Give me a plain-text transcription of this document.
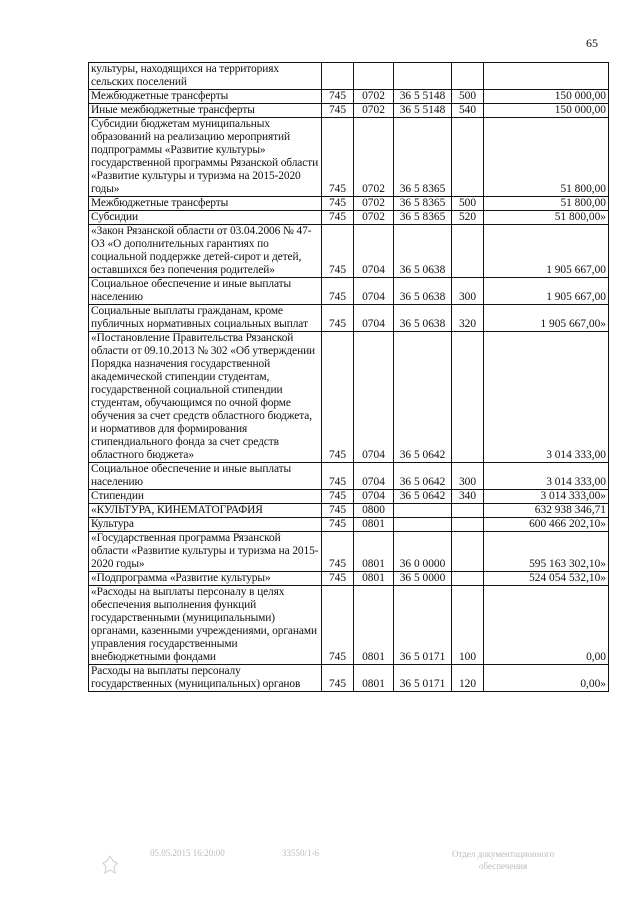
65
культуры, находящихся на территориях сельских поселений					
Межбюджетные трансферты	745	0702	36 5 5148	500	150 000,00
Иные межбюджетные трансферты	745	0702	36 5 5148	540	150 000,00
Субсидии бюджетам муниципальных образований на реализацию мероприятий подпрограммы «Развитие культуры» государственной программы Рязанской области «Развитие культуры и туризма на 2015-2020 годы»	745	0702	36 5 8365		51 800,00
Межбюджетные трансферты	745	0702	36 5 8365	500	51 800,00
Субсидии	745	0702	36 5 8365	520	51 800,00»
«Закон Рязанской области от 03.04.2006 № 47-ОЗ «О дополнительных гарантиях по социальной поддержке детей-сирот и детей, оставшихся без попечения родителей»	745	0704	36 5 0638		1 905 667,00
Социальное обеспечение и иные выплаты населению	745	0704	36 5 0638	300	1 905 667,00
Социальные выплаты гражданам, кроме публичных нормативных социальных выплат	745	0704	36 5 0638	320	1 905 667,00»
«Постановление Правительства Рязанской области от 09.10.2013 № 302 «Об утверждении Порядка назначения государственной академической стипендии студентам, государственной социальной стипендии студентам, обучающимся по очной форме обучения за счет средств областного бюджета, и нормативов для формирования стипендиального фонда за счет средств областного бюджета»	745	0704	36 5 0642		3 014 333,00
Социальное обеспечение и иные выплаты населению	745	0704	36 5 0642	300	3 014 333,00
Стипендии	745	0704	36 5 0642	340	3 014 333,00»
«КУЛЬТУРА, КИНЕМАТОГРАФИЯ	745	0800			632 938 346,71
Культура	745	0801			600 466 202,10»
«Государственная программа Рязанской области «Развитие культуры и туризма на 2015-2020 годы»	745	0801	36 0 0000		595 163 302,10»
«Подпрограмма «Развитие культуры»	745	0801	36 5 0000		524 054 532,10»
«Расходы на выплаты персоналу в целях обеспечения выполнения функций государственными (муниципальными) органами, казенными учреждениями, органами управления государственными внебюджетными фондами	745	0801	36 5 0171	100	0,00
Расходы на выплаты персоналу государственных (муниципальных) органов	745	0801	36 5 0171	120	0,00»
05.05.2015 16:20:00	33550/1-6	Отдел документационного
обеспечения
